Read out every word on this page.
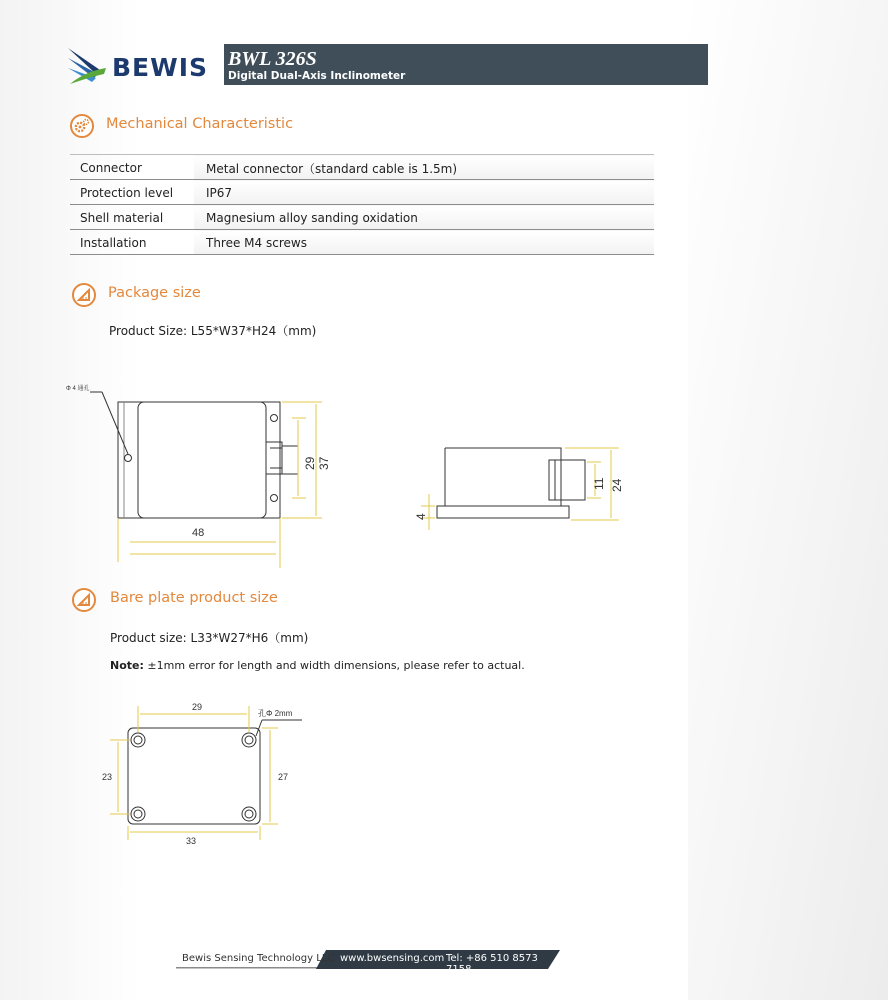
BEWIS BWL 326S
Digital Dual-Axis Inclinometer
Mechanical Characteristic
Connector	Metal connector（standard cable is 1.5m)
Protection level	IP67
Shell material	Magnesium alloy sanding oxidation
Installation	Three M4 screws
Package size
Product Size: L55*W37*H24（mm)
Φ 4 通孔
48
29 37
11 24
4
Bare plate product size
Product size: L33*W27*H6（mm)
Note: ±1mm error for length and width dimensions, please refer to actual.
29
孔Φ 2mm
23	27
33
Bewis Sensing Technology LLC www.bwsensing.com Tel: +86 510 8573 7158
